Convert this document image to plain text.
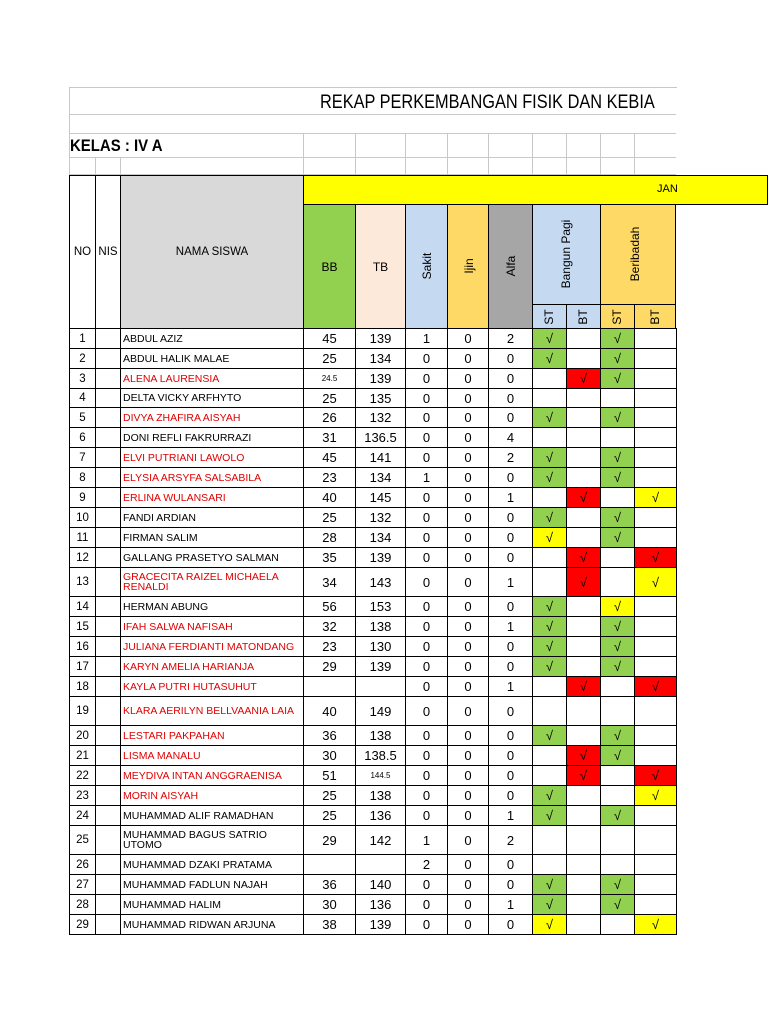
REKAP PERKEMBANGAN FISIK DAN KEBIA
KELAS : IV A
NO NIS	NAMA SISWA
JAN
BB	TB	Sakit Ijin Alfa	Bangun Pagi
ST BT
Beribadah
ST BT
1		ABDUL AZIZ	45	139	1	0	2	√		√	
2		ABDUL HALIK MALAE	25	134	0	0	0	√		√	
3		ALENA LAURENSIA	24.5	139	0	0	0		√	√	
4		DELTA VICKY ARFHYTO	25	135	0	0	0				
5		DIVYA ZHAFIRA AISYAH	26	132	0	0	0	√		√	
6		DONI REFLI FAKRURRAZI	31	136.5	0	0	4				
7		ELVI PUTRIANI LAWOLO	45	141	0	0	2	√		√	
8		ELYSIA ARSYFA SALSABILA	23	134	1	0	0	√		√	
9		ERLINA WULANSARI	40	145	0	0	1		√		√
10		FANDI ARDIAN	25	132	0	0	0	√		√	
11		FIRMAN SALIM	28	134	0	0	0	√		√	
12		GALLANG PRASETYO SALMAN	35	139	0	0	0		√		√
13		GRACECITA RAIZEL MICHAELA RENALDI	34	143	0	0	1		√		√
14		HERMAN ABUNG	56	153	0	0	0	√		√	
15		IFAH SALWA NAFISAH	32	138	0	0	1	√		√	
16		JULIANA FERDIANTI MATONDANG	23	130	0	0	0	√		√	
17		KARYN AMELIA HARIANJA	29	139	0	0	0	√		√	
18		KAYLA PUTRI HUTASUHUT			0	0	1		√		√
19		KLARA AERILYN BELLVAANIA LAIA	40	149	0	0	0				
20		LESTARI PAKPAHAN	36	138	0	0	0	√		√	
21		LISMA MANALU	30	138.5	0	0	0		√	√	
22		MEYDIVA INTAN ANGGRAENISA	51	144.5	0	0	0		√		√
23		MORIN AISYAH	25	138	0	0	0	√			√
24		MUHAMMAD ALIF RAMADHAN	25	136	0	0	1	√		√	
25		MUHAMMAD BAGUS SATRIO UTOMO	29	142	1	0	2				
26		MUHAMMAD DZAKI PRATAMA			2	0	0				
27		MUHAMMAD FADLUN NAJAH	36	140	0	0	0	√		√	
28		MUHAMMAD HALIM	30	136	0	0	1	√		√	
29		MUHAMMAD RIDWAN ARJUNA	38	139	0	0	0	√			√
